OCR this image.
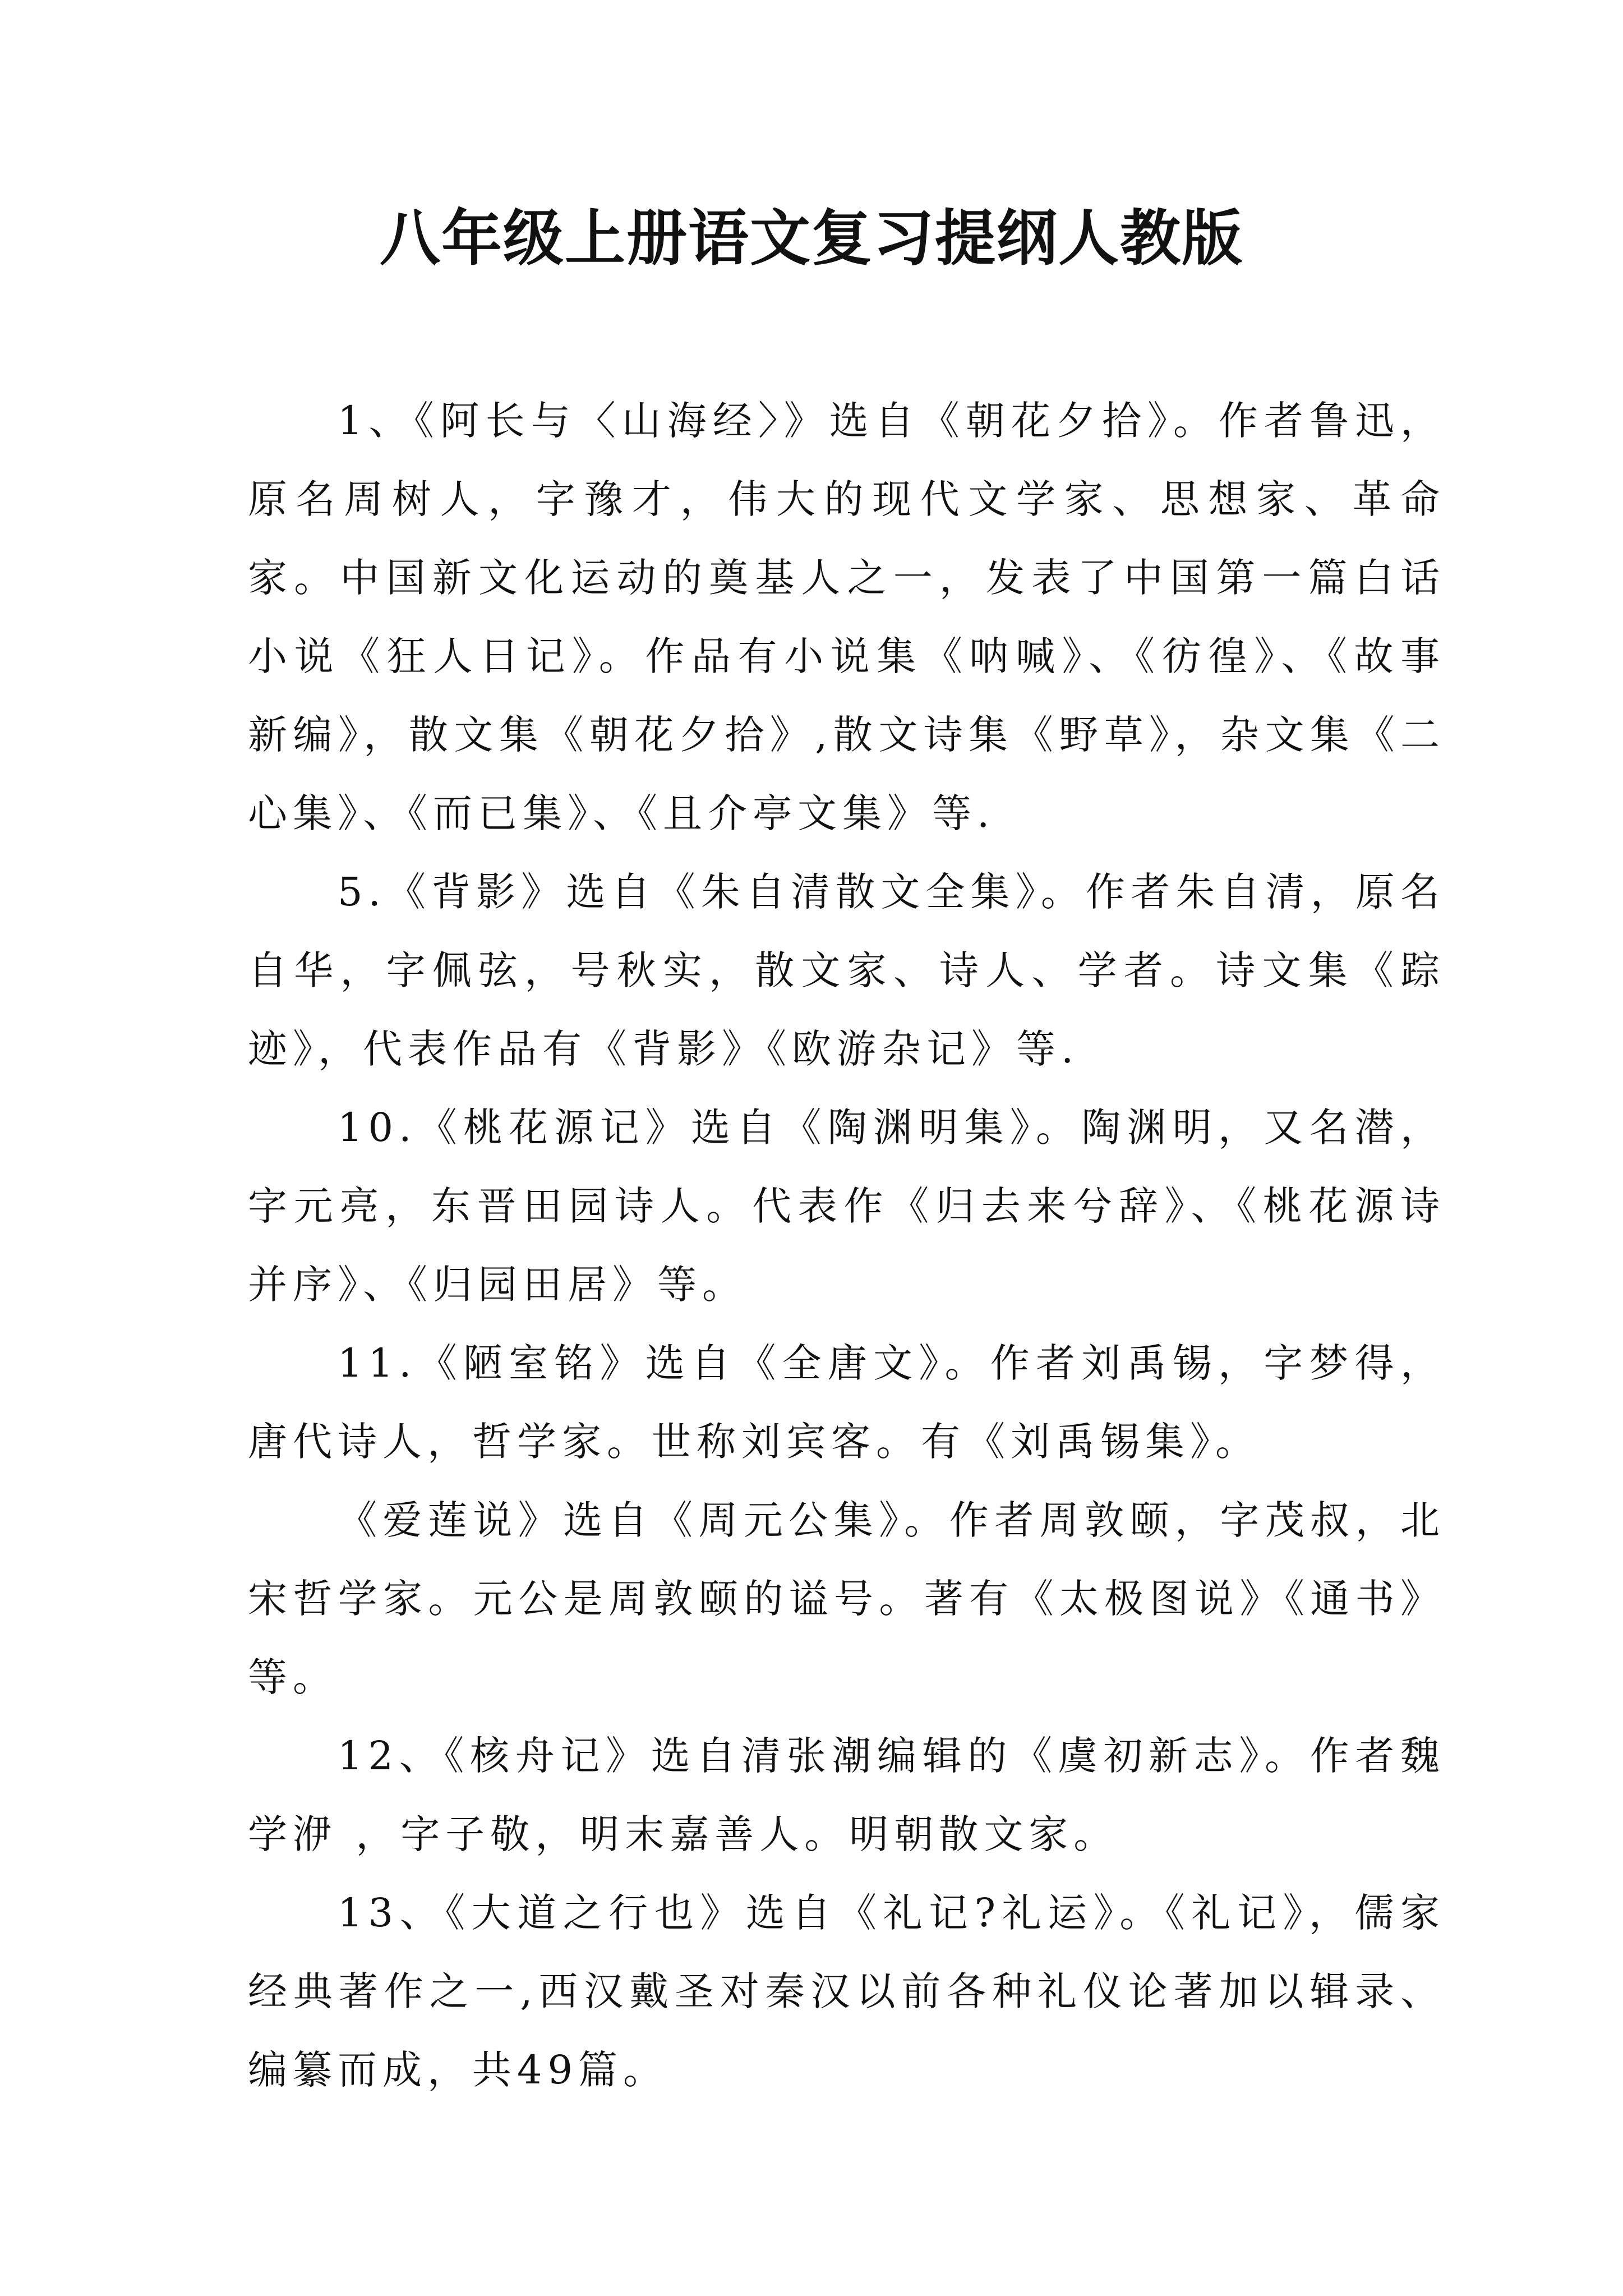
八年级上册语文复习提纲人教版

1、《阿长与〈山海经〉》选自《朝花夕拾》。作者鲁迅，原名周树人，字豫才，伟大的现代文学家、思想家、革命家。中国新文化运动的奠基人之一，发表了中国第一篇白话小说《狂人日记》。作品有小说集《呐喊》、《彷徨》、《故事新编》，散文集《朝花夕拾》,散文诗集《野草》，杂文集《二心集》、《而已集》、《且介亭文集》等.

5.《背影》选自《朱自清散文全集》。作者朱自清，原名自华，字佩弦，号秋实，散文家、诗人、学者。诗文集《踪迹》，代表作品有《背影》《欧游杂记》等.

10.《桃花源记》选自《陶渊明集》。陶渊明，又名潜，字元亮，东晋田园诗人。代表作《归去来兮辞》、《桃花源诗并序》、《归园田居》等。

11.《陋室铭》选自《全唐文》。作者刘禹锡，字梦得，唐代诗人，哲学家。世称刘宾客。有《刘禹锡集》。

《爱莲说》选自《周元公集》。作者周敦颐，字茂叔，北宋哲学家。元公是周敦颐的谥号。著有《太极图说》《通书》等。

12、《核舟记》选自清张潮编辑的《虞初新志》。作者魏学洢 ，字子敬，明末嘉善人。明朝散文家。

13、《大道之行也》选自《礼记?礼运》。《礼记》，儒家经典著作之一,西汉戴圣对秦汉以前各种礼仪论著加以辑录、编纂而成，共49篇。
